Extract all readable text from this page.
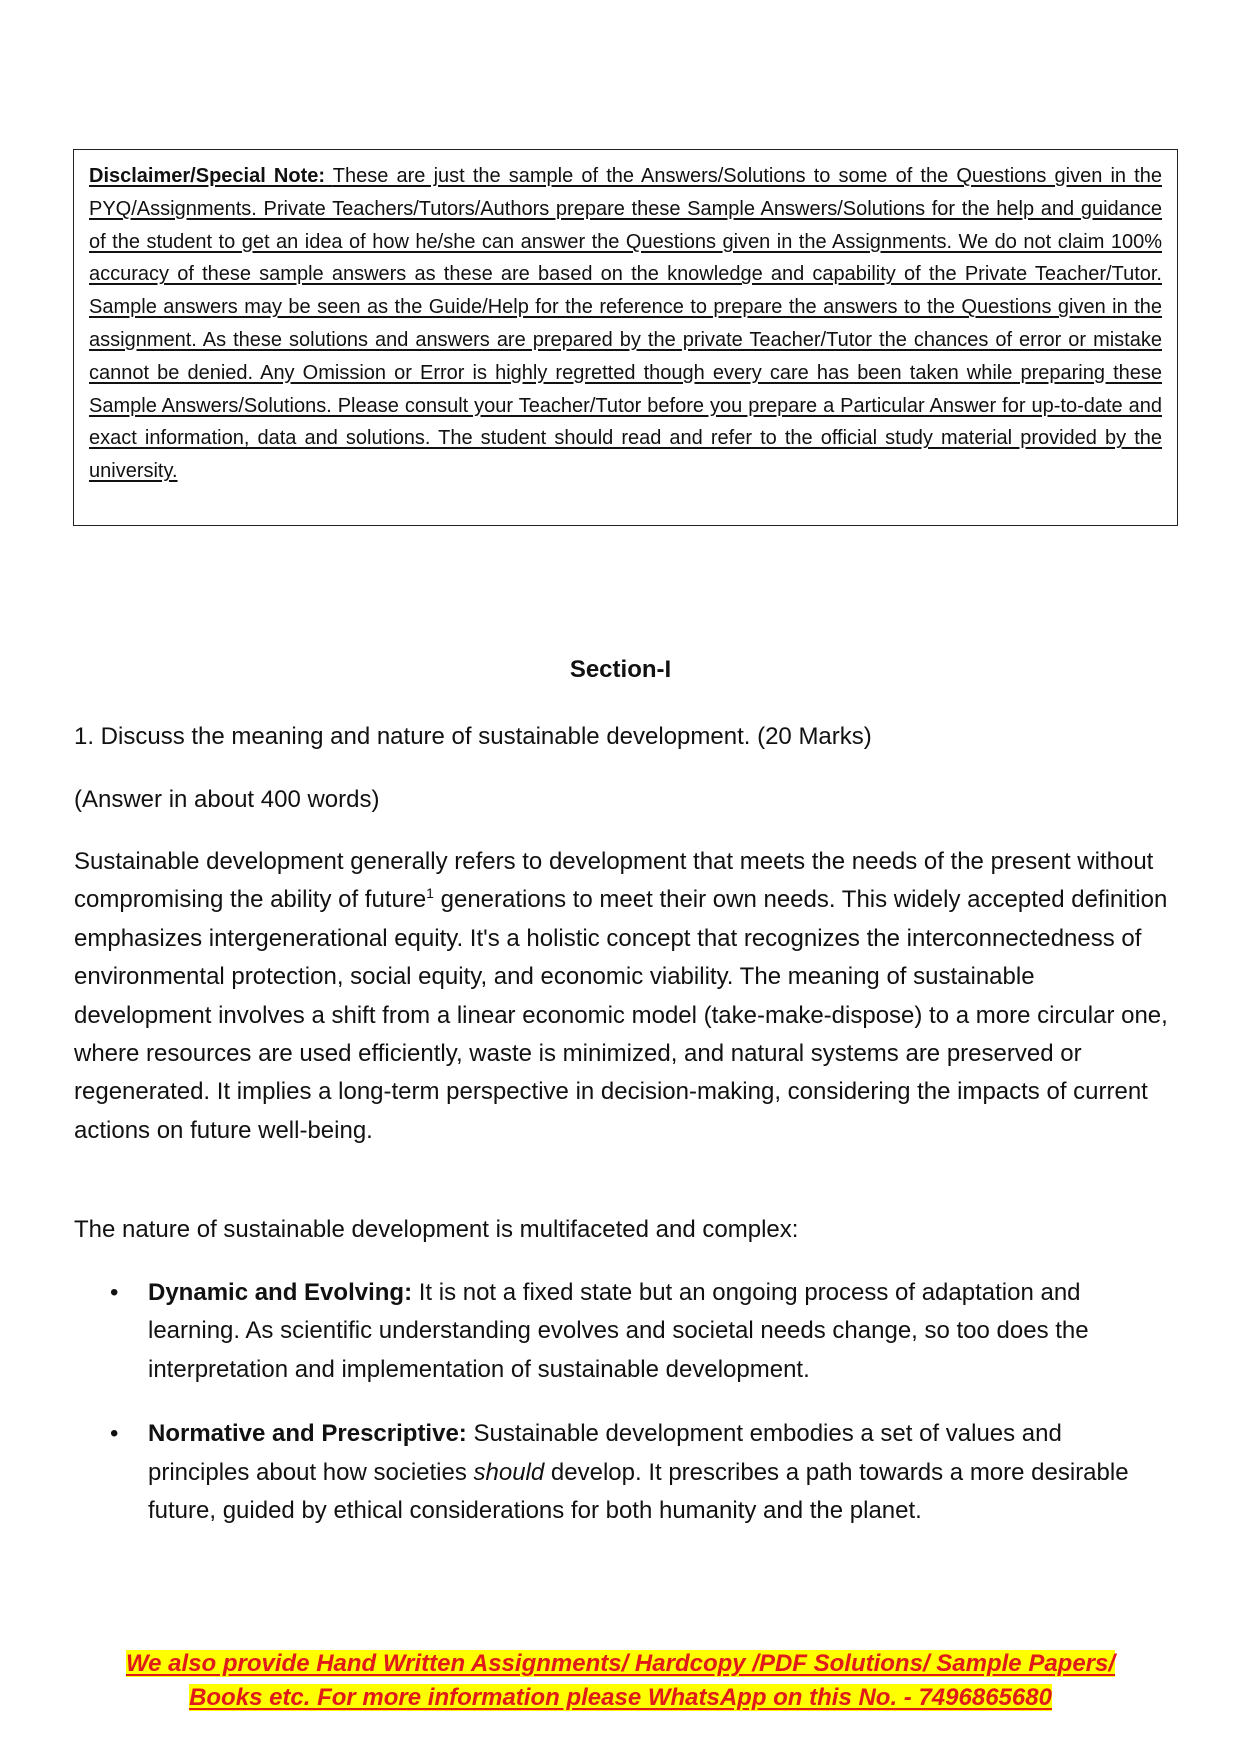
Disclaimer/Special Note: These are just the sample of the Answers/Solutions to some of the Questions given in the PYQ/Assignments. Private Teachers/Tutors/Authors prepare these Sample Answers/Solutions for the help and guidance of the student to get an idea of how he/she can answer the Questions given in the Assignments. We do not claim 100% accuracy of these sample answers as these are based on the knowledge and capability of the Private Teacher/Tutor. Sample answers may be seen as the Guide/Help for the reference to prepare the answers to the Questions given in the assignment. As these solutions and answers are prepared by the private Teacher/Tutor the chances of error or mistake cannot be denied. Any Omission or Error is highly regretted though every care has been taken while preparing these Sample Answers/Solutions. Please consult your Teacher/Tutor before you prepare a Particular Answer for up-to-date and exact information, data and solutions. The student should read and refer to the official study material provided by the university.

Section-I

1. Discuss the meaning and nature of sustainable development. (20 Marks)

(Answer in about 400 words)

Sustainable development generally refers to development that meets the needs of the present without compromising the ability of future$^1$ generations to meet their own needs. This widely accepted definition emphasizes intergenerational equity. It's a holistic concept that recognizes the interconnectedness of environmental protection, social equity, and economic viability. The meaning of sustainable development involves a shift from a linear economic model (take-make-dispose) to a more circular one, where resources are used efficiently, waste is minimized, and natural systems are preserved or regenerated. It implies a long-term perspective in decision-making, considering the impacts of current actions on future well-being.

The nature of sustainable development is multifaceted and complex:

• Dynamic and Evolving: It is not a fixed state but an ongoing process of adaptation and learning. As scientific understanding evolves and societal needs change, so too does the interpretation and implementation of sustainable development.
• Normative and Prescriptive: Sustainable development embodies a set of values and principles about how societies should develop. It prescribes a path towards a more desirable future, guided by ethical considerations for both humanity and the planet.
We also provide Hand Written Assignments/ Hardcopy /PDF Solutions/ Sample Papers/
Books etc. For more information please WhatsApp on this No. - 7496865680
